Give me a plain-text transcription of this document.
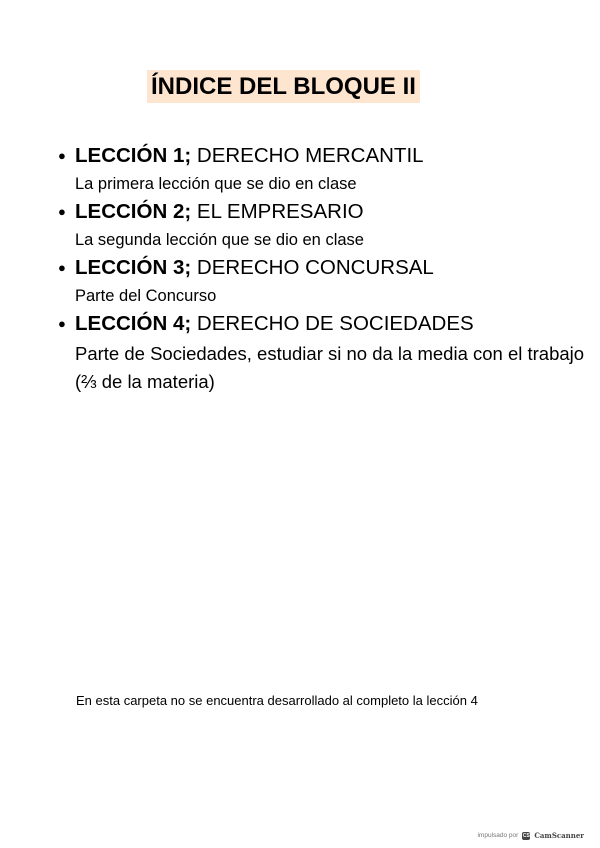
ÍNDICE DEL BLOQUE II
● LECCIÓN 1; DERECHO MERCANTIL
La primera lección que se dio en clase
● LECCIÓN 2; EL EMPRESARIO
La segunda lección que se dio en clase
● LECCIÓN 3; DERECHO CONCURSAL
Parte del Concurso
● LECCIÓN 4; DERECHO DE SOCIEDADES
Parte de Sociedades, estudiar si no da la media con el trabajo (⅔ de la materia)
En esta carpeta no se encuentra desarrollado al completo la lección 4
impulsado por CS CamScanner
